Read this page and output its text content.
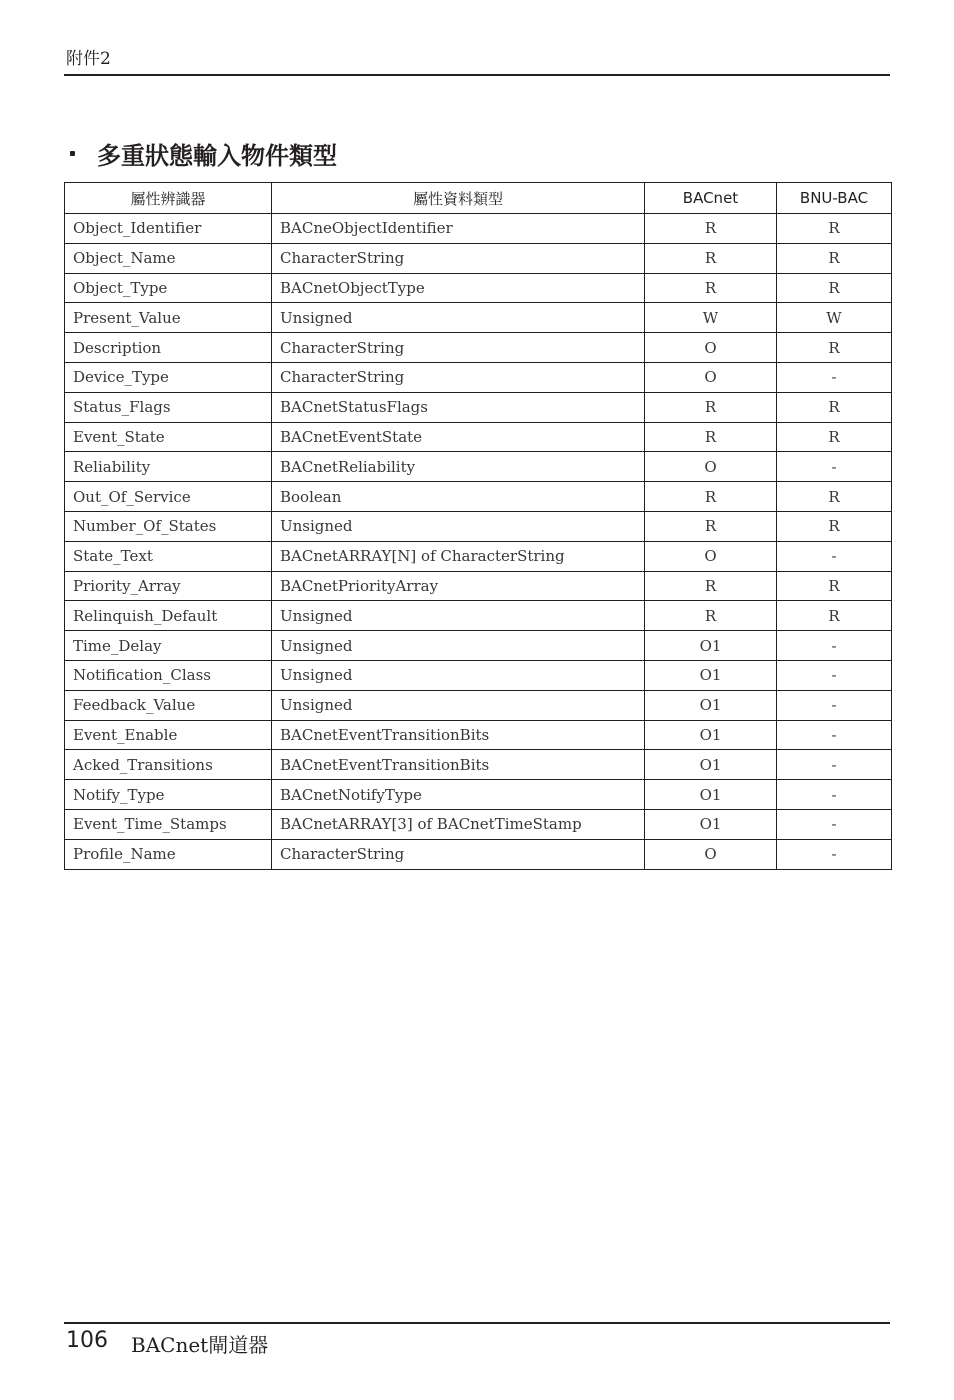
附件2
多重狀態輸入物件類型
屬性辨識器	屬性資料類型	BACnet	BNU-BAC
Object_Identifier	BACneObjectIdentifier	R	R
Object_Name	CharacterString	R	R
Object_Type	BACnetObjectType	R	R
Present_Value	Unsigned	W	W
Description	CharacterString	O	R
Device_Type	CharacterString	O	-
Status_Flags	BACnetStatusFlags	R	R
Event_State	BACnetEventState	R	R
Reliability	BACnetReliability	O	-
Out_Of_Service	Boolean	R	R
Number_Of_States	Unsigned	R	R
State_Text	BACnetARRAY[N] of CharacterString	O	-
Priority_Array	BACnetPriorityArray	R	R
Relinquish_Default	Unsigned	R	R
Time_Delay	Unsigned	O1	-
Notification_Class	Unsigned	O1	-
Feedback_Value	Unsigned	O1	-
Event_Enable	BACnetEventTransitionBits	O1	-
Acked_Transitions	BACnetEventTransitionBits	O1	-
Notify_Type	BACnetNotifyType	O1	-
Event_Time_Stamps	BACnetARRAY[3] of BACnetTimeStamp	O1	-
Profile_Name	CharacterString	O	-
106 BACnet閘道器
